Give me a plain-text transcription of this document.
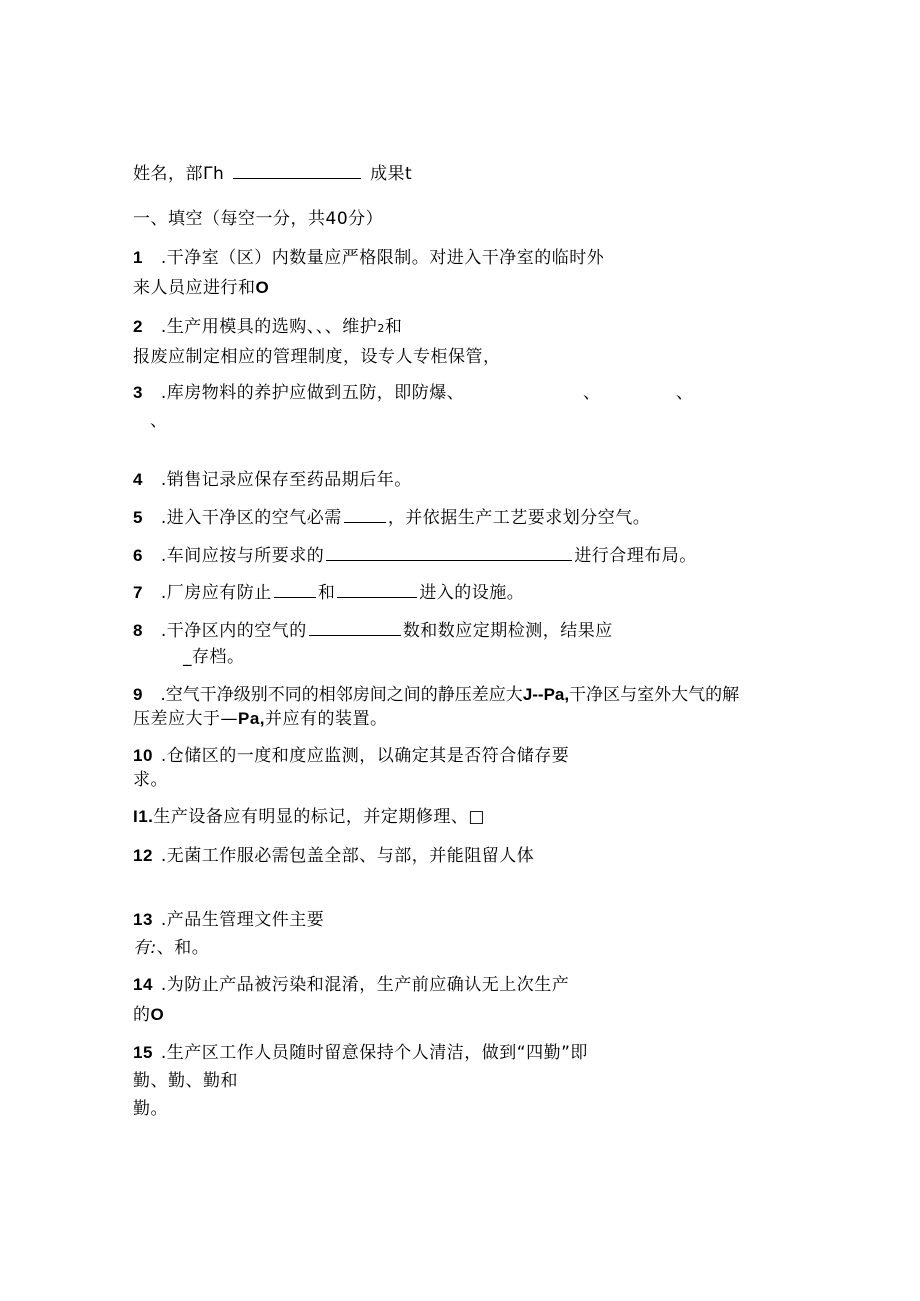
姓名，部Γh	成果t
一、填空（每空一分，共40分）
1 .干净室（区）内数量应严格限制。对进入干净室的临时外
来人员应进行和O
2 .生产用模具的选购、、、维护2和
报废应制定相应的管理制度，设专人专柜保管，
3 .库房物料的养护应做到五防，即防爆、	、	、
、
4 .销售记录应保存至药品期后年。
5 .进入干净区的空气必需	，并依据生产工艺要求划分空气。
6 .车间应按与所要求的	进行合理布局。
7 .厂房应有防止	和	进入的设施。
8 .干净区内的空气的	数和数应定期检测，结果应
_存档。
9 .空气干净级别不同的相邻房间之间的静压差应大J--Pa,干净区与室外大气的解
压差应大于—Pa,并应有的装置。
10 .仓储区的一度和度应监测，以确定其是否符合储存要
求。
I1.生产设备应有明显的标记，并定期修理、□
12 .无菌工作服必需包盖全部、与部，并能阻留人体
13 .产品生管理文件主要
有:、和。
14 .为防止产品被污染和混淆，生产前应确认无上次生产
的O
15 .生产区工作人员随时留意保持个人清洁，做到“四勤”即
勤、勤、勤和
勤。
